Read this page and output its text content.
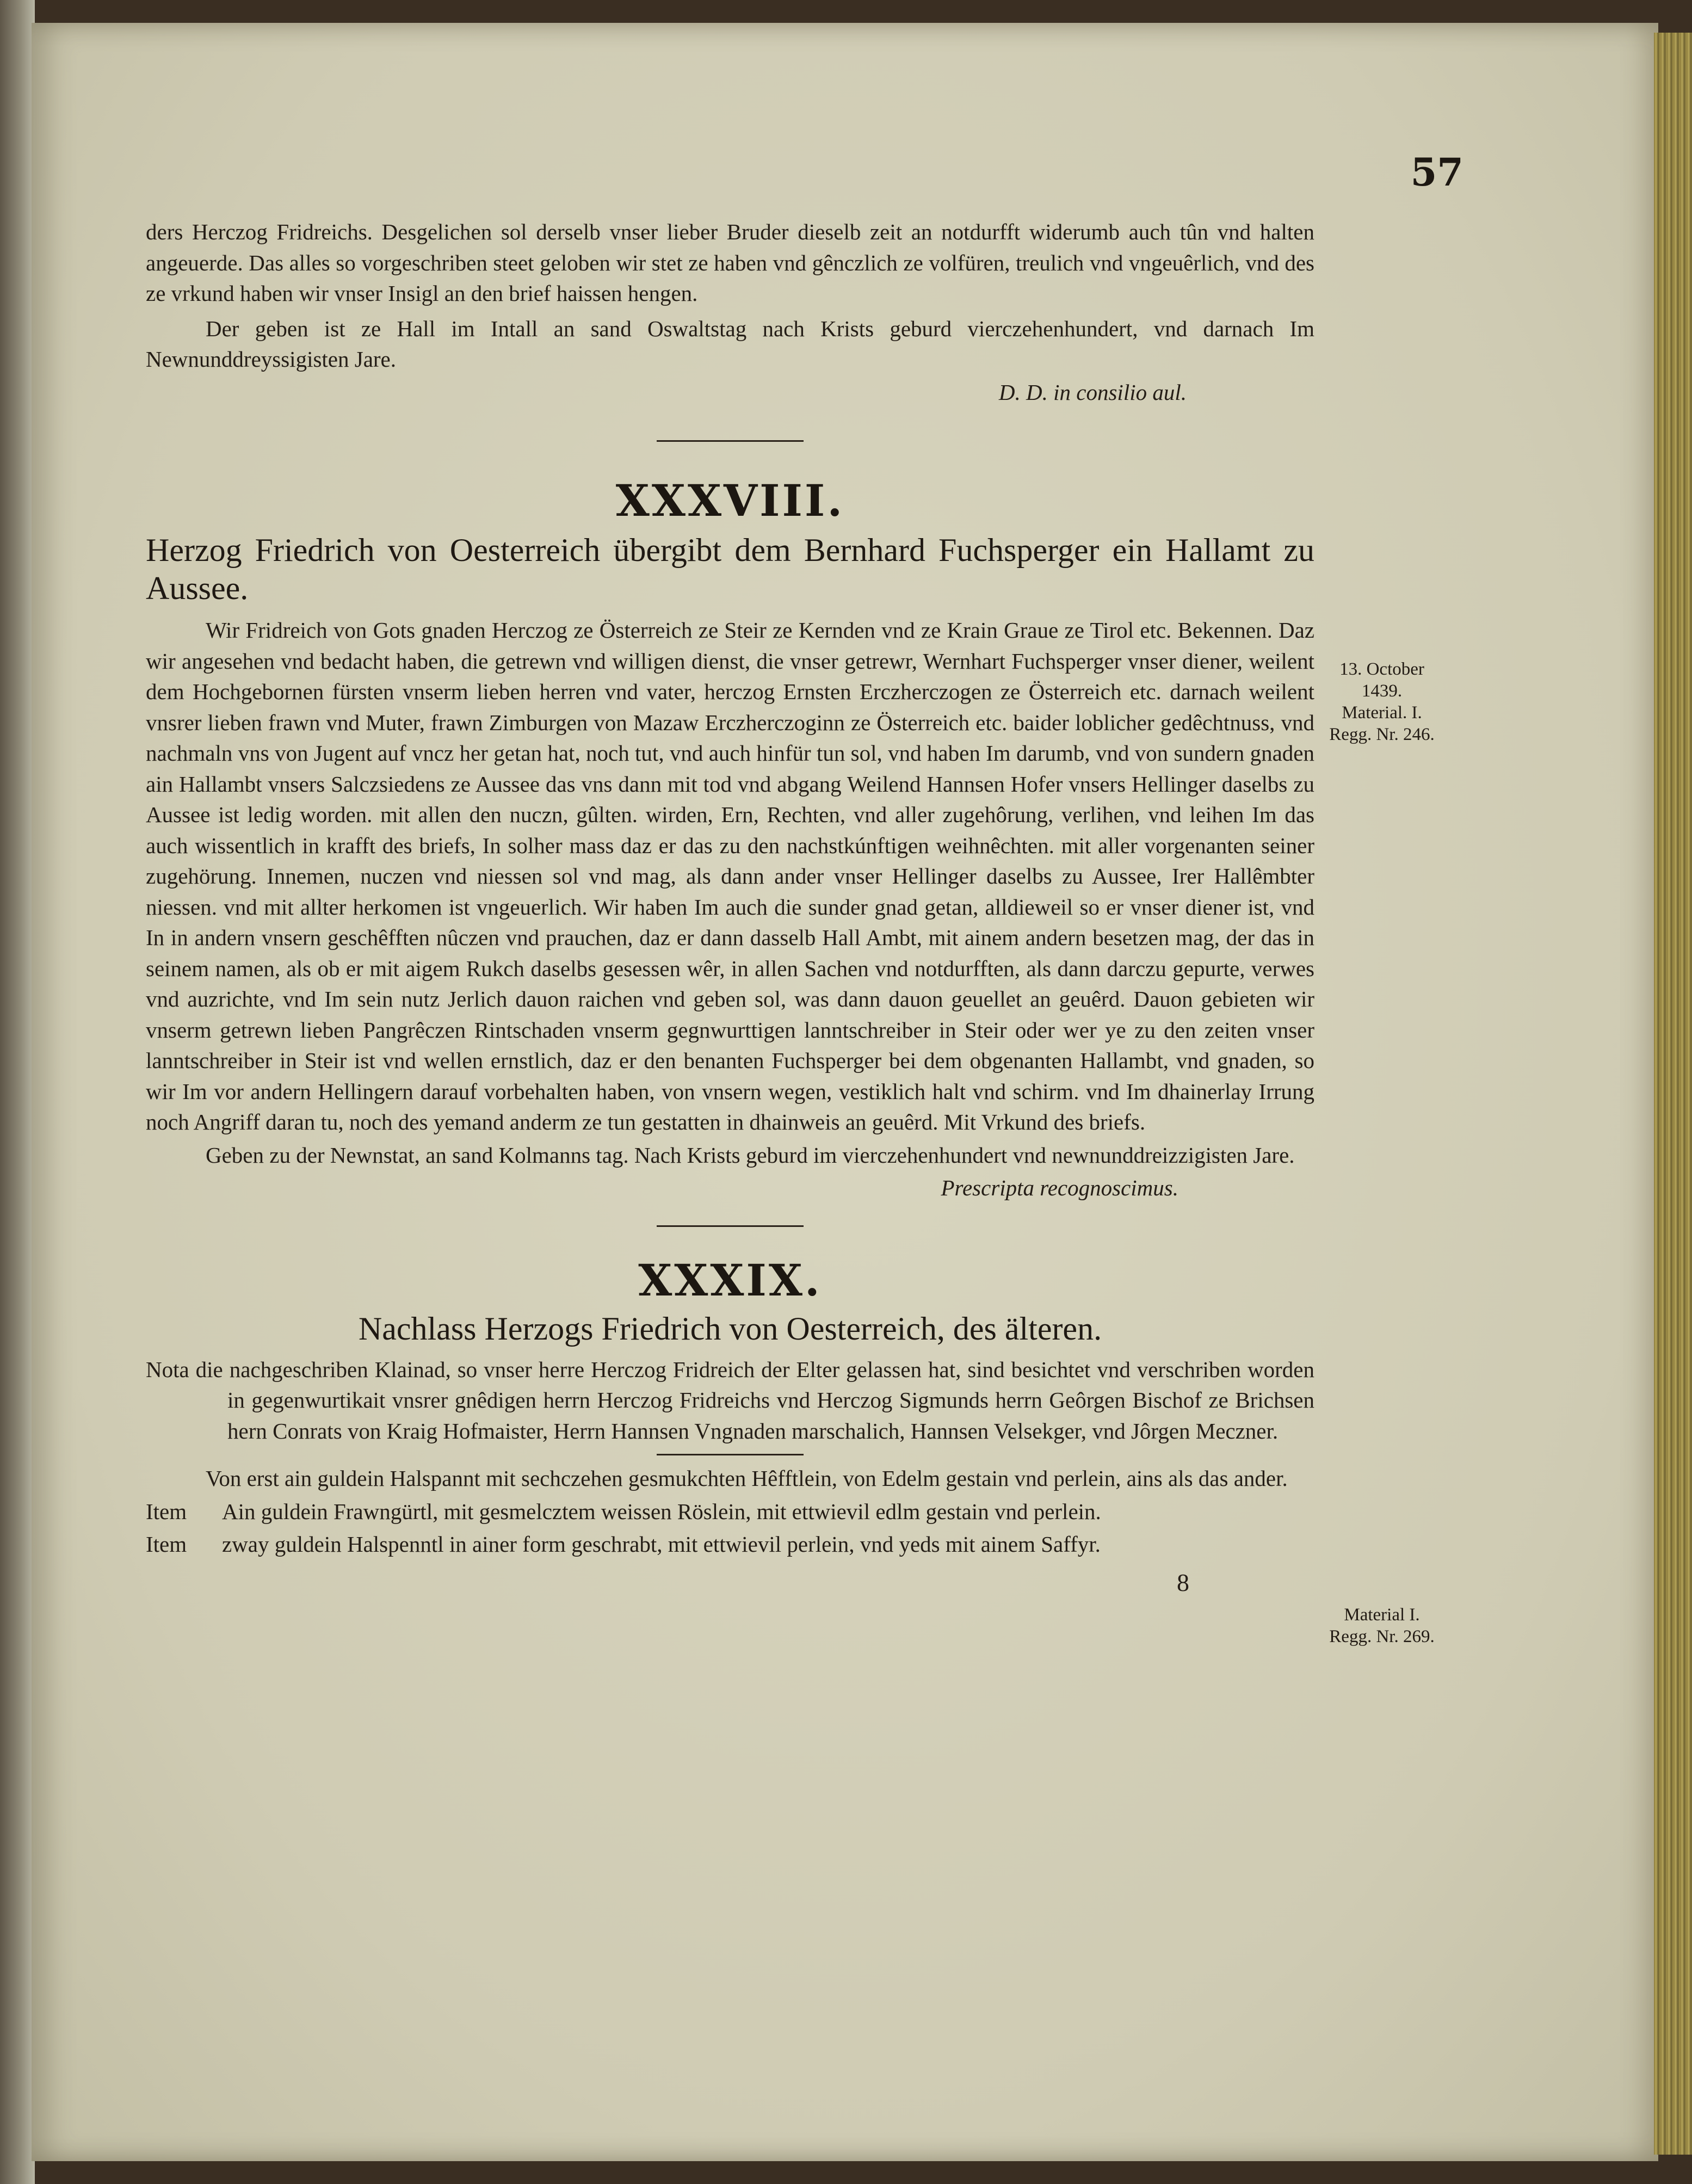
57

ders Herczog Fridreichs. Desgelichen sol derselb vnser lieber Bruder dieselb zeit an notdurfft widerumb auch tûn vnd halten angeuerde. Das alles so vorgeschriben steet geloben wir stet ze haben vnd gênczlich ze volfüren, treulich vnd vngeuêrlich, vnd des ze vrkund haben wir vnser Insigl an den brief haissen hengen.

Der geben ist ze Hall im Intall an sand Oswaltstag nach Krists geburd vierczehenhundert, vnd darnach Im Newnunddreyssigisten Jare.

D. D. in consilio aul.

XXXVIII.
Herzog Friedrich von Oesterreich übergibt dem Bernhard Fuchsperger ein Hallamt zu Aussee.

Wir Fridreich von Gots gnaden Herczog ze Österreich ze Steir ze Kernden vnd ze Krain Graue ze Tirol etc. Bekennen. Daz wir angesehen vnd bedacht haben, die getrewn vnd willigen dienst, die vnser getrewr, Wernhart Fuchsperger vnser diener, weilent dem Hochgebornen fürsten vnserm lieben herren vnd vater, herczog Ernsten Erczherczogen ze Österreich etc. darnach weilent vnsrer lieben frawn vnd Muter, frawn Zimburgen von Mazaw Erczherczoginn ze Österreich etc. baider loblicher gedêchtnuss, vnd nachmaln vns von Jugent auf vncz her getan hat, noch tut, vnd auch hinfür tun sol, vnd haben Im darumb, vnd von sundern gnaden ain Hallambt vnsers Salczsiedens ze Aussee das vns dann mit tod vnd abgang Weilend Hannsen Hofer vnsers Hellinger daselbs zu Aussee ist ledig worden. mit allen den nuczn, gûlten. wirden, Ern, Rechten, vnd aller zugehôrung, verlihen, vnd leihen Im das auch wissentlich in krafft des briefs, In solher mass daz er das zu den nachstkúnftigen weihnêchten. mit aller vorgenanten seiner zugehörung. Innemen, nuczen vnd niessen sol vnd mag, als dann ander vnser Hellinger daselbs zu Aussee, Irer Hallêmbter niessen. vnd mit allter herkomen ist vngeuerlich. Wir haben Im auch die sunder gnad getan, alldieweil so er vnser diener ist, vnd In in andern vnsern geschêfften nûczen vnd prauchen, daz er dann dasselb Hall Ambt, mit ainem andern besetzen mag, der das in seinem namen, als ob er mit aigem Rukch daselbs gesessen wêr, in allen Sachen vnd notdurfften, als dann darczu gepurte, verwes vnd auzrichte, vnd Im sein nutz Jerlich dauon raichen vnd geben sol, was dann dauon geuellet an geuêrd. Dauon gebieten wir vnserm getrewn lieben Pangrêczen Rintschaden vnserm gegnwurttigen lanntschreiber in Steir oder wer ye zu den zeiten vnser lanntschreiber in Steir ist vnd wellen ernstlich, daz er den benanten Fuchsperger bei dem obgenanten Hallambt, vnd gnaden, so wir Im vor andern Hellingern darauf vorbehalten haben, von vnsern wegen, vestiklich halt vnd schirm. vnd Im dhainerlay Irrung noch Angriff daran tu, noch des yemand anderm ze tun gestatten in dhainweis an geuêrd. Mit Vrkund des briefs.

Geben zu der Newnstat, an sand Kolmanns tag. Nach Krists geburd im vierczehenhundert vnd newnunddreizzigisten Jare.

Prescripta recognoscimus.

XXXIX.
Nachlass Herzogs Friedrich von Oesterreich, des älteren.

Nota die nachgeschriben Klainad, so vnser herre Herczog Fridreich der Elter gelassen hat, sind besichtet vnd verschriben worden in gegenwurtikait vnsrer gnêdigen herrn Herczog Fridreichs vnd Herczog Sigmunds herrn Geôrgen Bischof ze Brichsen hern Conrats von Kraig Hofmaister, Herrn Hannsen Vngnaden marschalich, Hannsen Velsekger, vnd Jôrgen Meczner.

Von erst ain guldein Halspannt mit sechczehen gesmukchten Hêfftlein, von Edelm gestain vnd perlein, ains als das ander.

Item	Ain guldein Frawngürtl, mit gesmelcztem weissen Röslein, mit ettwievil edlm gestain vnd perlein.
Item	zway guldein Halspenntl in ainer form geschrabt, mit ettwievil perlein, vnd yeds mit ainem Saffyr.

8

13. October
1439.
Material. I.
Regg. Nr. 246.
Material I.
Regg. Nr. 269.
